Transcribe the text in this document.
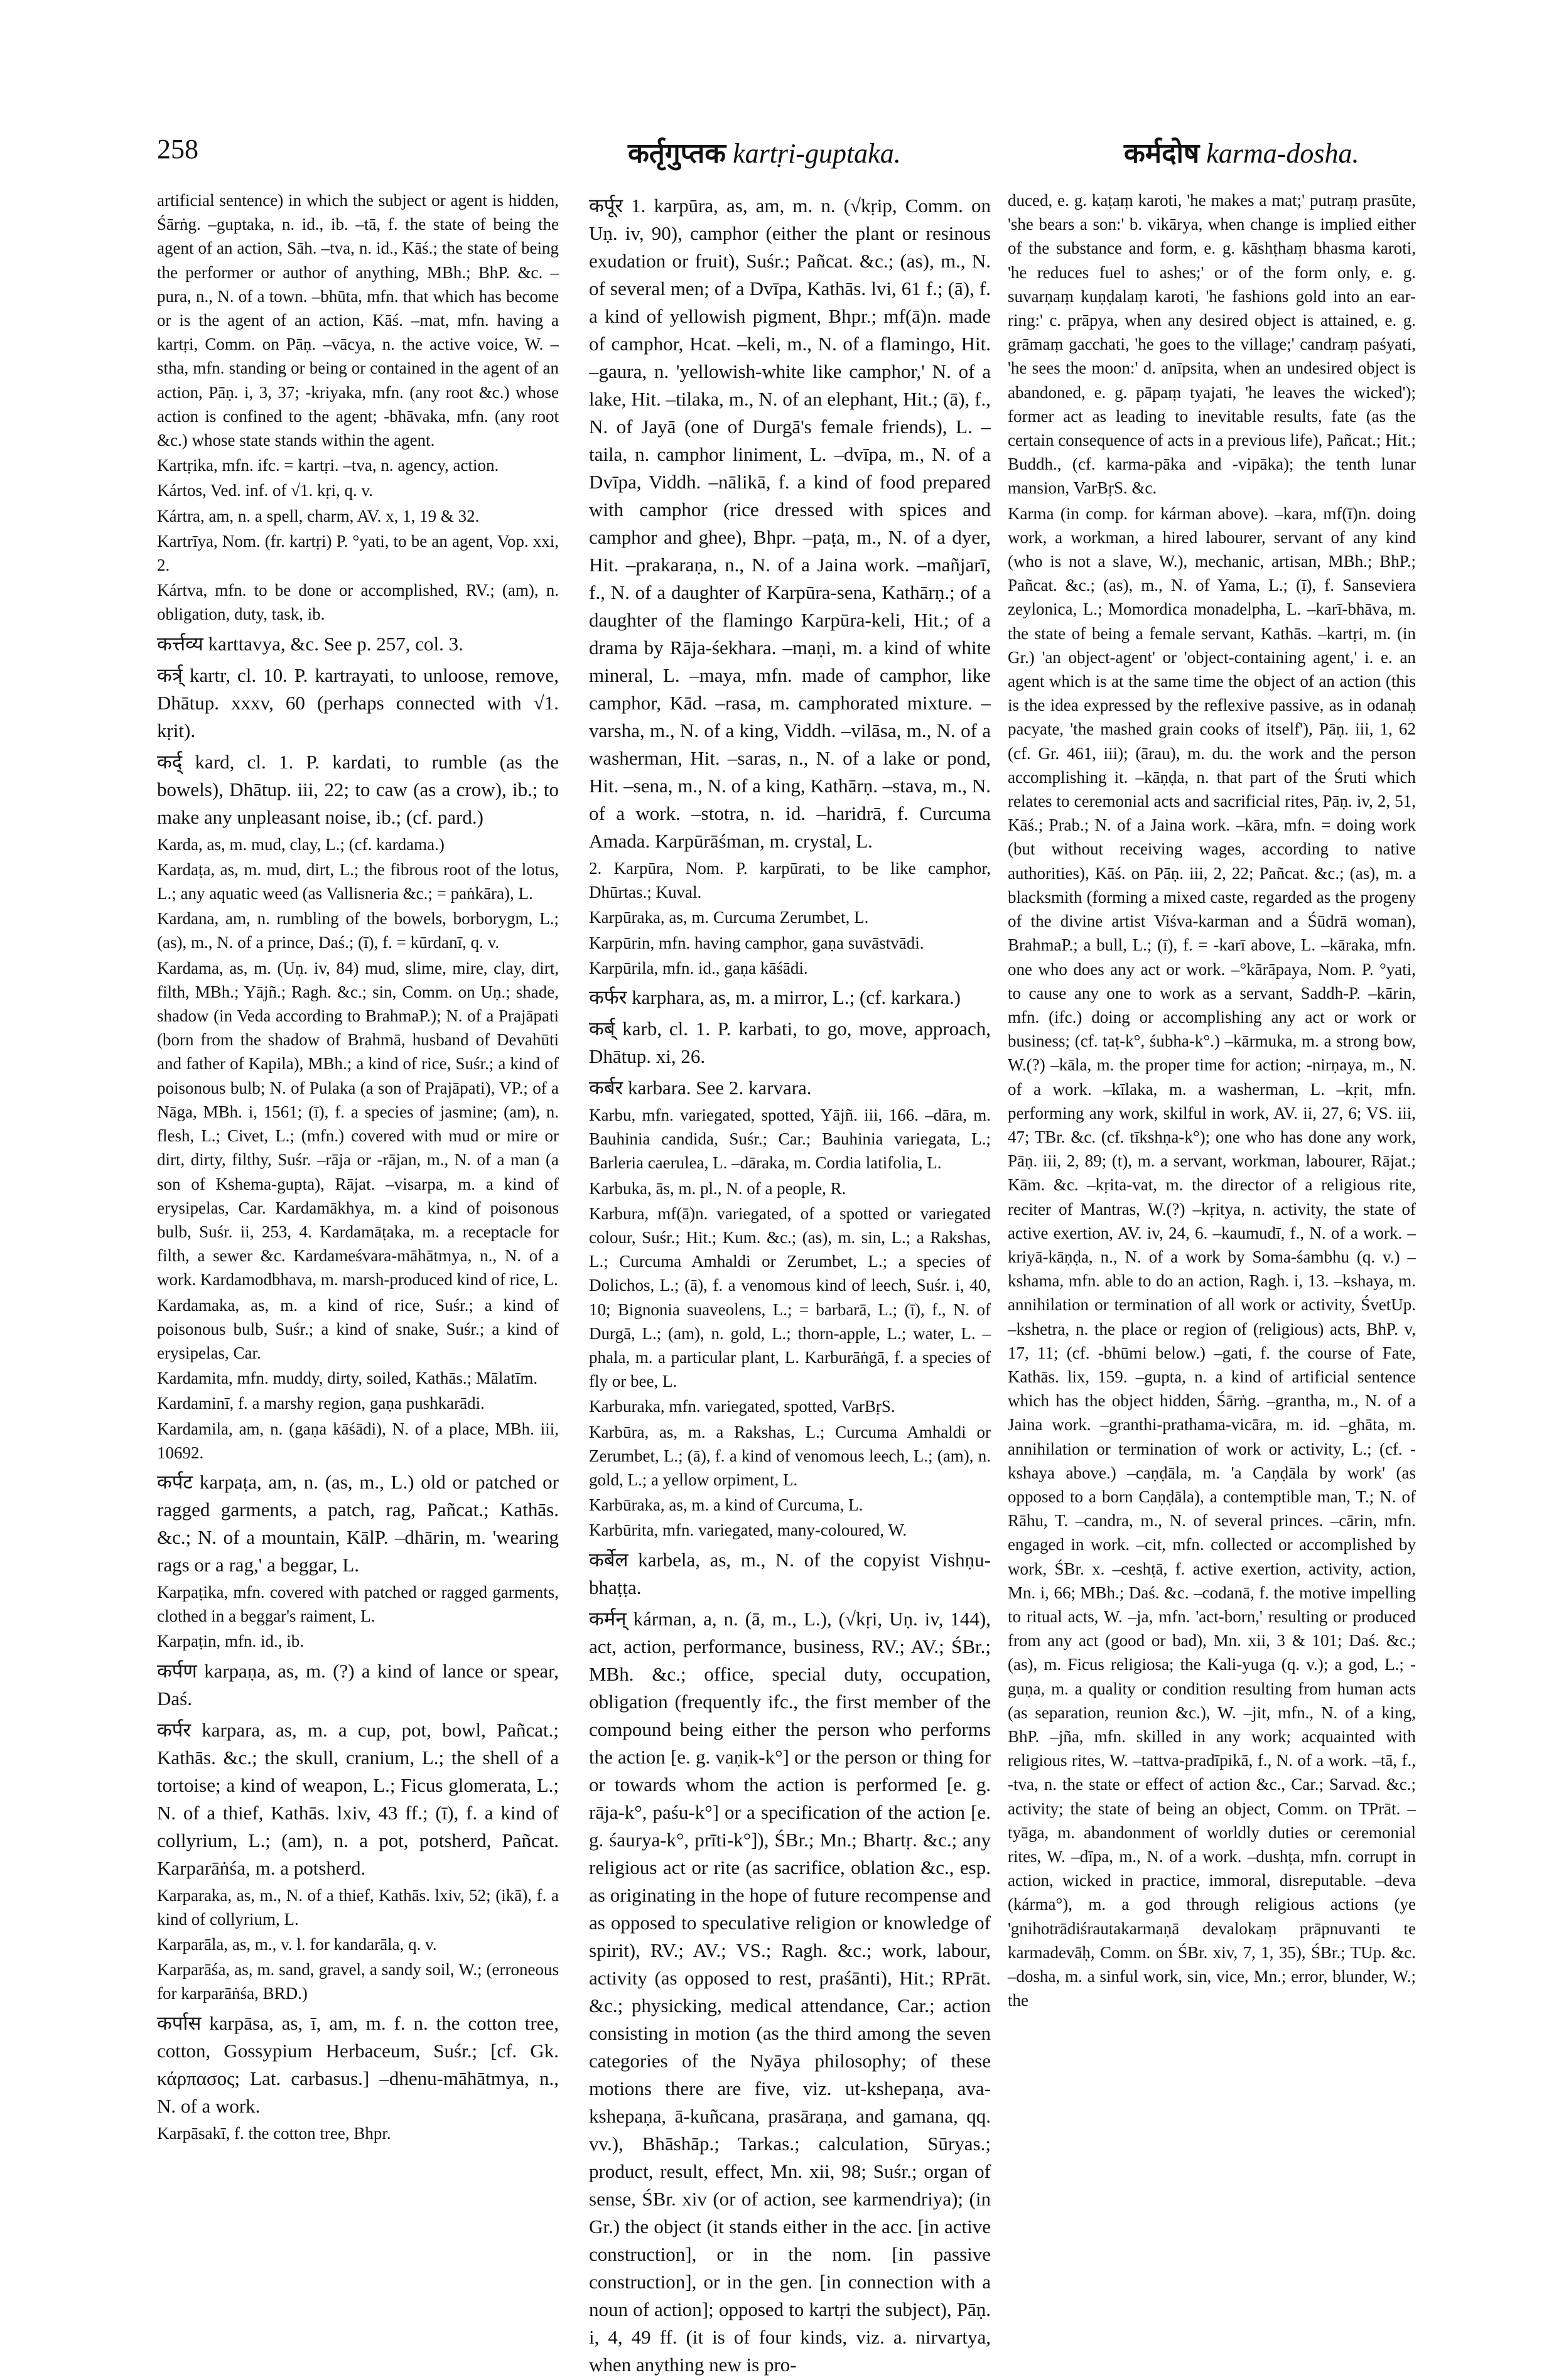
258	कर्तृगुप्तक kartṛi-guptaka.	कर्मदोष karma-dosha.

artificial sentence) in which the subject or agent is hidden, Śārṅg. –guptaka, n. id., ib. –tā, f. the state of being the agent of an action, Sāh. –tva, n. id., Kāś.; the state of being the performer or author of anything, MBh.; BhP. &c. –pura, n., N. of a town. –bhūta, mfn. that which has become or is the agent of an action, Kāś. –mat, mfn. having a kartṛi, Comm. on Pāṇ. –vācya, n. the active voice, W. –stha, mfn. standing or being or contained in the agent of an action, Pāṇ. i, 3, 37; -kriyaka, mfn. (any root &c.) whose action is confined to the agent; -bhāvaka, mfn. (any root &c.) whose state stands within the agent.

Kartṛika, mfn. ifc. = kartṛi. –tva, n. agency, action.

Kártos, Ved. inf. of √1. kṛi, q. v.

Kártra, am, n. a spell, charm, AV. x, 1, 19 & 32.

Kartrīya, Nom. (fr. kartṛi) P. °yati, to be an agent, Vop. xxi, 2.

Kártva, mfn. to be done or accomplished, RV.; (am), n. obligation, duty, task, ib.

कर्त्तव्य karttavya, &c. See p. 257, col. 3.

कर्त्र् kartr, cl. 10. P. kartrayati, to unloose, remove, Dhātup. xxxv, 60 (perhaps connected with √1. kṛit).

कर्द् kard, cl. 1. P. kardati, to rumble (as the bowels), Dhātup. iii, 22; to caw (as a crow), ib.; to make any unpleasant noise, ib.; (cf. pard.)

Karda, as, m. mud, clay, L.; (cf. kardama.)

Kardaṭa, as, m. mud, dirt, L.; the fibrous root of the lotus, L.; any aquatic weed (as Vallisneria &c.; = paṅkāra), L.

Kardana, am, n. rumbling of the bowels, borborygm, L.; (as), m., N. of a prince, Daś.; (ī), f. = kūrdanī, q. v.

Kardama, as, m. (Uṇ. iv, 84) mud, slime, mire, clay, dirt, filth, MBh.; Yājñ.; Ragh. &c.; sin, Comm. on Uṇ.; shade, shadow (in Veda according to BrahmaP.); N. of a Prajāpati (born from the shadow of Brahmā, husband of Devahūti and father of Kapila), MBh.; a kind of rice, Suśr.; a kind of poisonous bulb; N. of Pulaka (a son of Prajāpati), VP.; of a Nāga, MBh. i, 1561; (ī), f. a species of jasmine; (am), n. flesh, L.; Civet, L.; (mfn.) covered with mud or mire or dirt, dirty, filthy, Suśr. –rāja or -rājan, m., N. of a man (a son of Kshema-gupta), Rājat. –visarpa, m. a kind of erysipelas, Car. Kardamākhya, m. a kind of poisonous bulb, Suśr. ii, 253, 4. Kardamāṭaka, m. a receptacle for filth, a sewer &c. Kardameśvara-māhātmya, n., N. of a work. Kardamodbhava, m. marsh-produced kind of rice, L.

Kardamaka, as, m. a kind of rice, Suśr.; a kind of poisonous bulb, Suśr.; a kind of snake, Suśr.; a kind of erysipelas, Car.

Kardamita, mfn. muddy, dirty, soiled, Kathās.; Mālatīm.

Kardaminī, f. a marshy region, gaṇa pushkarādi.

Kardamila, am, n. (gaṇa kāśādi), N. of a place, MBh. iii, 10692.

कर्पट karpaṭa, am, n. (as, m., L.) old or patched or ragged garments, a patch, rag, Pañcat.; Kathās. &c.; N. of a mountain, KālP. –dhārin, m. 'wearing rags or a rag,' a beggar, L.

Karpaṭika, mfn. covered with patched or ragged garments, clothed in a beggar's raiment, L.

Karpaṭin, mfn. id., ib.

कर्पण karpaṇa, as, m. (?) a kind of lance or spear, Daś.

कर्पर karpara, as, m. a cup, pot, bowl, Pañcat.; Kathās. &c.; the skull, cranium, L.; the shell of a tortoise; a kind of weapon, L.; Ficus glomerata, L.; N. of a thief, Kathās. lxiv, 43 ff.; (ī), f. a kind of collyrium, L.; (am), n. a pot, potsherd, Pañcat. Karparāṅśa, m. a potsherd.

Karparaka, as, m., N. of a thief, Kathās. lxiv, 52; (ikā), f. a kind of collyrium, L.

Karparāla, as, m., v. l. for kandarāla, q. v.

Karparāśa, as, m. sand, gravel, a sandy soil, W.; (erroneous for karparāṅśa, BRD.)

कर्पास karpāsa, as, ī, am, m. f. n. the cotton tree, cotton, Gossypium Herbaceum, Suśr.; [cf. Gk. κάρπασος; Lat. carbasus.] –dhenu-māhātmya, n., N. of a work.

Karpāsakī, f. the cotton tree, Bhpr.

कर्पूर 1. karpūra, as, am, m. n. (√kṛip, Comm. on Uṇ. iv, 90), camphor (either the plant or resinous exudation or fruit), Suśr.; Pañcat. &c.; (as), m., N. of several men; of a Dvīpa, Kathās. lvi, 61 f.; (ā), f. a kind of yellowish pigment, Bhpr.; mf(ā)n. made of camphor, Hcat. –keli, m., N. of a flamingo, Hit. –gaura, n. 'yellowish-white like camphor,' N. of a lake, Hit. –tilaka, m., N. of an elephant, Hit.; (ā), f., N. of Jayā (one of Durgā's female friends), L. –taila, n. camphor liniment, L. –dvīpa, m., N. of a Dvīpa, Viddh. –nālikā, f. a kind of food prepared with camphor (rice dressed with spices and camphor and ghee), Bhpr. –paṭa, m., N. of a dyer, Hit. –prakaraṇa, n., N. of a Jaina work. –mañjarī, f., N. of a daughter of Karpūra-sena, Kathārṇ.; of a daughter of the flamingo Karpūra-keli, Hit.; of a drama by Rāja-śekhara. –maṇi, m. a kind of white mineral, L. –maya, mfn. made of camphor, like camphor, Kād. –rasa, m. camphorated mixture. –varsha, m., N. of a king, Viddh. –vilāsa, m., N. of a washerman, Hit. –saras, n., N. of a lake or pond, Hit. –sena, m., N. of a king, Kathārṇ. –stava, m., N. of a work. –stotra, n. id. –haridrā, f. Curcuma Amada. Karpūrāśman, m. crystal, L.

2. Karpūra, Nom. P. karpūrati, to be like camphor, Dhūrtas.; Kuval.

Karpūraka, as, m. Curcuma Zerumbet, L.

Karpūrin, mfn. having camphor, gaṇa suvāstvādi.

Karpūrila, mfn. id., gaṇa kāśādi.

कर्फर karphara, as, m. a mirror, L.; (cf. karkara.)

कर्ब् karb, cl. 1. P. karbati, to go, move, approach, Dhātup. xi, 26.

कर्बर karbara. See 2. karvara.

Karbu, mfn. variegated, spotted, Yājñ. iii, 166. –dāra, m. Bauhinia candida, Suśr.; Car.; Bauhinia variegata, L.; Barleria caerulea, L. –dāraka, m. Cordia latifolia, L.

Karbuka, ās, m. pl., N. of a people, R.

Karbura, mf(ā)n. variegated, of a spotted or variegated colour, Suśr.; Hit.; Kum. &c.; (as), m. sin, L.; a Rakshas, L.; Curcuma Amhaldi or Zerumbet, L.; a species of Dolichos, L.; (ā), f. a venomous kind of leech, Suśr. i, 40, 10; Bignonia suaveolens, L.; = barbarā, L.; (ī), f., N. of Durgā, L.; (am), n. gold, L.; thorn-apple, L.; water, L. –phala, m. a particular plant, L. Karburāṅgā, f. a species of fly or bee, L.

Karburaka, mfn. variegated, spotted, VarBṛS.

Karbūra, as, m. a Rakshas, L.; Curcuma Amhaldi or Zerumbet, L.; (ā), f. a kind of venomous leech, L.; (am), n. gold, L.; a yellow orpiment, L.

Karbūraka, as, m. a kind of Curcuma, L.

Karbūrita, mfn. variegated, many-coloured, W.

कर्बेल karbela, as, m., N. of the copyist Vishṇu-bhaṭṭa.

कर्मन् kárman, a, n. (ā, m., L.), (√kṛi, Uṇ. iv, 144), act, action, performance, business, RV.; AV.; ŚBr.; MBh. &c.; office, special duty, occupation, obligation (frequently ifc., the first member of the compound being either the person who performs the action [e. g. vaṇik-k°] or the person or thing for or towards whom the action is performed [e. g. rāja-k°, paśu-k°] or a specification of the action [e. g. śaurya-k°, prīti-k°]), ŚBr.; Mn.; Bhartṛ. &c.; any religious act or rite (as sacrifice, oblation &c., esp. as originating in the hope of future recompense and as opposed to speculative religion or knowledge of spirit), RV.; AV.; VS.; Ragh. &c.; work, labour, activity (as opposed to rest, praśānti), Hit.; RPrāt. &c.; physicking, medical attendance, Car.; action consisting in motion (as the third among the seven categories of the Nyāya philosophy; of these motions there are five, viz. ut-kshepaṇa, ava-kshepaṇa, ā-kuñcana, prasāraṇa, and gamana, qq. vv.), Bhāshāp.; Tarkas.; calculation, Sūryas.; product, result, effect, Mn. xii, 98; Suśr.; organ of sense, ŚBr. xiv (or of action, see karmendriya); (in Gr.) the object (it stands either in the acc. [in active construction], or in the nom. [in passive construction], or in the gen. [in connection with a noun of action]; opposed to kartṛi the subject), Pāṇ. i, 4, 49 ff. (it is of four kinds, viz. a. nirvartya, when anything new is pro-

duced, e. g. kaṭaṃ karoti, 'he makes a mat;' putraṃ prasūte, 'she bears a son:' b. vikārya, when change is implied either of the substance and form, e. g. kāshṭhaṃ bhasma karoti, 'he reduces fuel to ashes;' or of the form only, e. g. suvarṇaṃ kuṇḍalaṃ karoti, 'he fashions gold into an ear-ring:' c. prāpya, when any desired object is attained, e. g. grāmaṃ gacchati, 'he goes to the village;' candraṃ paśyati, 'he sees the moon:' d. anīpsita, when an undesired object is abandoned, e. g. pāpaṃ tyajati, 'he leaves the wicked'); former act as leading to inevitable results, fate (as the certain consequence of acts in a previous life), Pañcat.; Hit.; Buddh., (cf. karma-pāka and -vipāka); the tenth lunar mansion, VarBṛS. &c.

Karma (in comp. for kárman above). –kara, mf(ī)n. doing work, a workman, a hired labourer, servant of any kind (who is not a slave, W.), mechanic, artisan, MBh.; BhP.; Pañcat. &c.; (as), m., N. of Yama, L.; (ī), f. Sanseviera zeylonica, L.; Momordica monadelpha, L. –karī-bhāva, m. the state of being a female servant, Kathās. –kartṛi, m. (in Gr.) 'an object-agent' or 'object-containing agent,' i. e. an agent which is at the same time the object of an action (this is the idea expressed by the reflexive passive, as in odanaḥ pacyate, 'the mashed grain cooks of itself'), Pāṇ. iii, 1, 62 (cf. Gr. 461, iii); (ārau), m. du. the work and the person accomplishing it. –kāṇḍa, n. that part of the Śruti which relates to ceremonial acts and sacrificial rites, Pāṇ. iv, 2, 51, Kāś.; Prab.; N. of a Jaina work. –kāra, mfn. = doing work (but without receiving wages, according to native authorities), Kāś. on Pāṇ. iii, 2, 22; Pañcat. &c.; (as), m. a blacksmith (forming a mixed caste, regarded as the progeny of the divine artist Viśva-karman and a Śūdrā woman), BrahmaP.; a bull, L.; (ī), f. = -karī above, L. –kāraka, mfn. one who does any act or work. –°kārāpaya, Nom. P. °yati, to cause any one to work as a servant, Saddh-P. –kārin, mfn. (ifc.) doing or accomplishing any act or work or business; (cf. taṭ-k°, śubha-k°.) –kārmuka, m. a strong bow, W.(?) –kāla, m. the proper time for action; -nirṇaya, m., N. of a work. –kīlaka, m. a washerman, L. –kṛit, mfn. performing any work, skilful in work, AV. ii, 27, 6; VS. iii, 47; TBr. &c. (cf. tīkshṇa-k°); one who has done any work, Pāṇ. iii, 2, 89; (t), m. a servant, workman, labourer, Rājat.; Kām. &c. –kṛita-vat, m. the director of a religious rite, reciter of Mantras, W.(?) –kṛitya, n. activity, the state of active exertion, AV. iv, 24, 6. –kaumudī, f., N. of a work. –kriyā-kāṇḍa, n., N. of a work by Soma-śambhu (q. v.) –kshama, mfn. able to do an action, Ragh. i, 13. –kshaya, m. annihilation or termination of all work or activity, ŚvetUp. –kshetra, n. the place or region of (religious) acts, BhP. v, 17, 11; (cf. -bhūmi below.) –gati, f. the course of Fate, Kathās. lix, 159. –gupta, n. a kind of artificial sentence which has the object hidden, Śārṅg. –grantha, m., N. of a Jaina work. –granthi-prathama-vicāra, m. id. –ghāta, m. annihilation or termination of work or activity, L.; (cf. -kshaya above.) –caṇḍāla, m. 'a Caṇḍāla by work' (as opposed to a born Caṇḍāla), a contemptible man, T.; N. of Rāhu, T. –candra, m., N. of several princes. –cārin, mfn. engaged in work. –cit, mfn. collected or accomplished by work, ŚBr. x. –ceshṭā, f. active exertion, activity, action, Mn. i, 66; MBh.; Daś. &c. –codanā, f. the motive impelling to ritual acts, W. –ja, mfn. 'act-born,' resulting or produced from any act (good or bad), Mn. xii, 3 & 101; Daś. &c.; (as), m. Ficus religiosa; the Kali-yuga (q. v.); a god, L.; -guṇa, m. a quality or condition resulting from human acts (as separation, reunion &c.), W. –jit, mfn., N. of a king, BhP. –jña, mfn. skilled in any work; acquainted with religious rites, W. –tattva-pradīpikā, f., N. of a work. –tā, f., -tva, n. the state or effect of action &c., Car.; Sarvad. &c.; activity; the state of being an object, Comm. on TPrāt. –tyāga, m. abandonment of worldly duties or ceremonial rites, W. –dīpa, m., N. of a work. –dushṭa, mfn. corrupt in action, wicked in practice, immoral, disreputable. –deva (kárma°), m. a god through religious actions (ye 'gnihotrādiśrautakarmaṇā devalokaṃ prāpnuvanti te karmadevāḥ, Comm. on ŚBr. xiv, 7, 1, 35), ŚBr.; TUp. &c. –dosha, m. a sinful work, sin, vice, Mn.; error, blunder, W.; the
